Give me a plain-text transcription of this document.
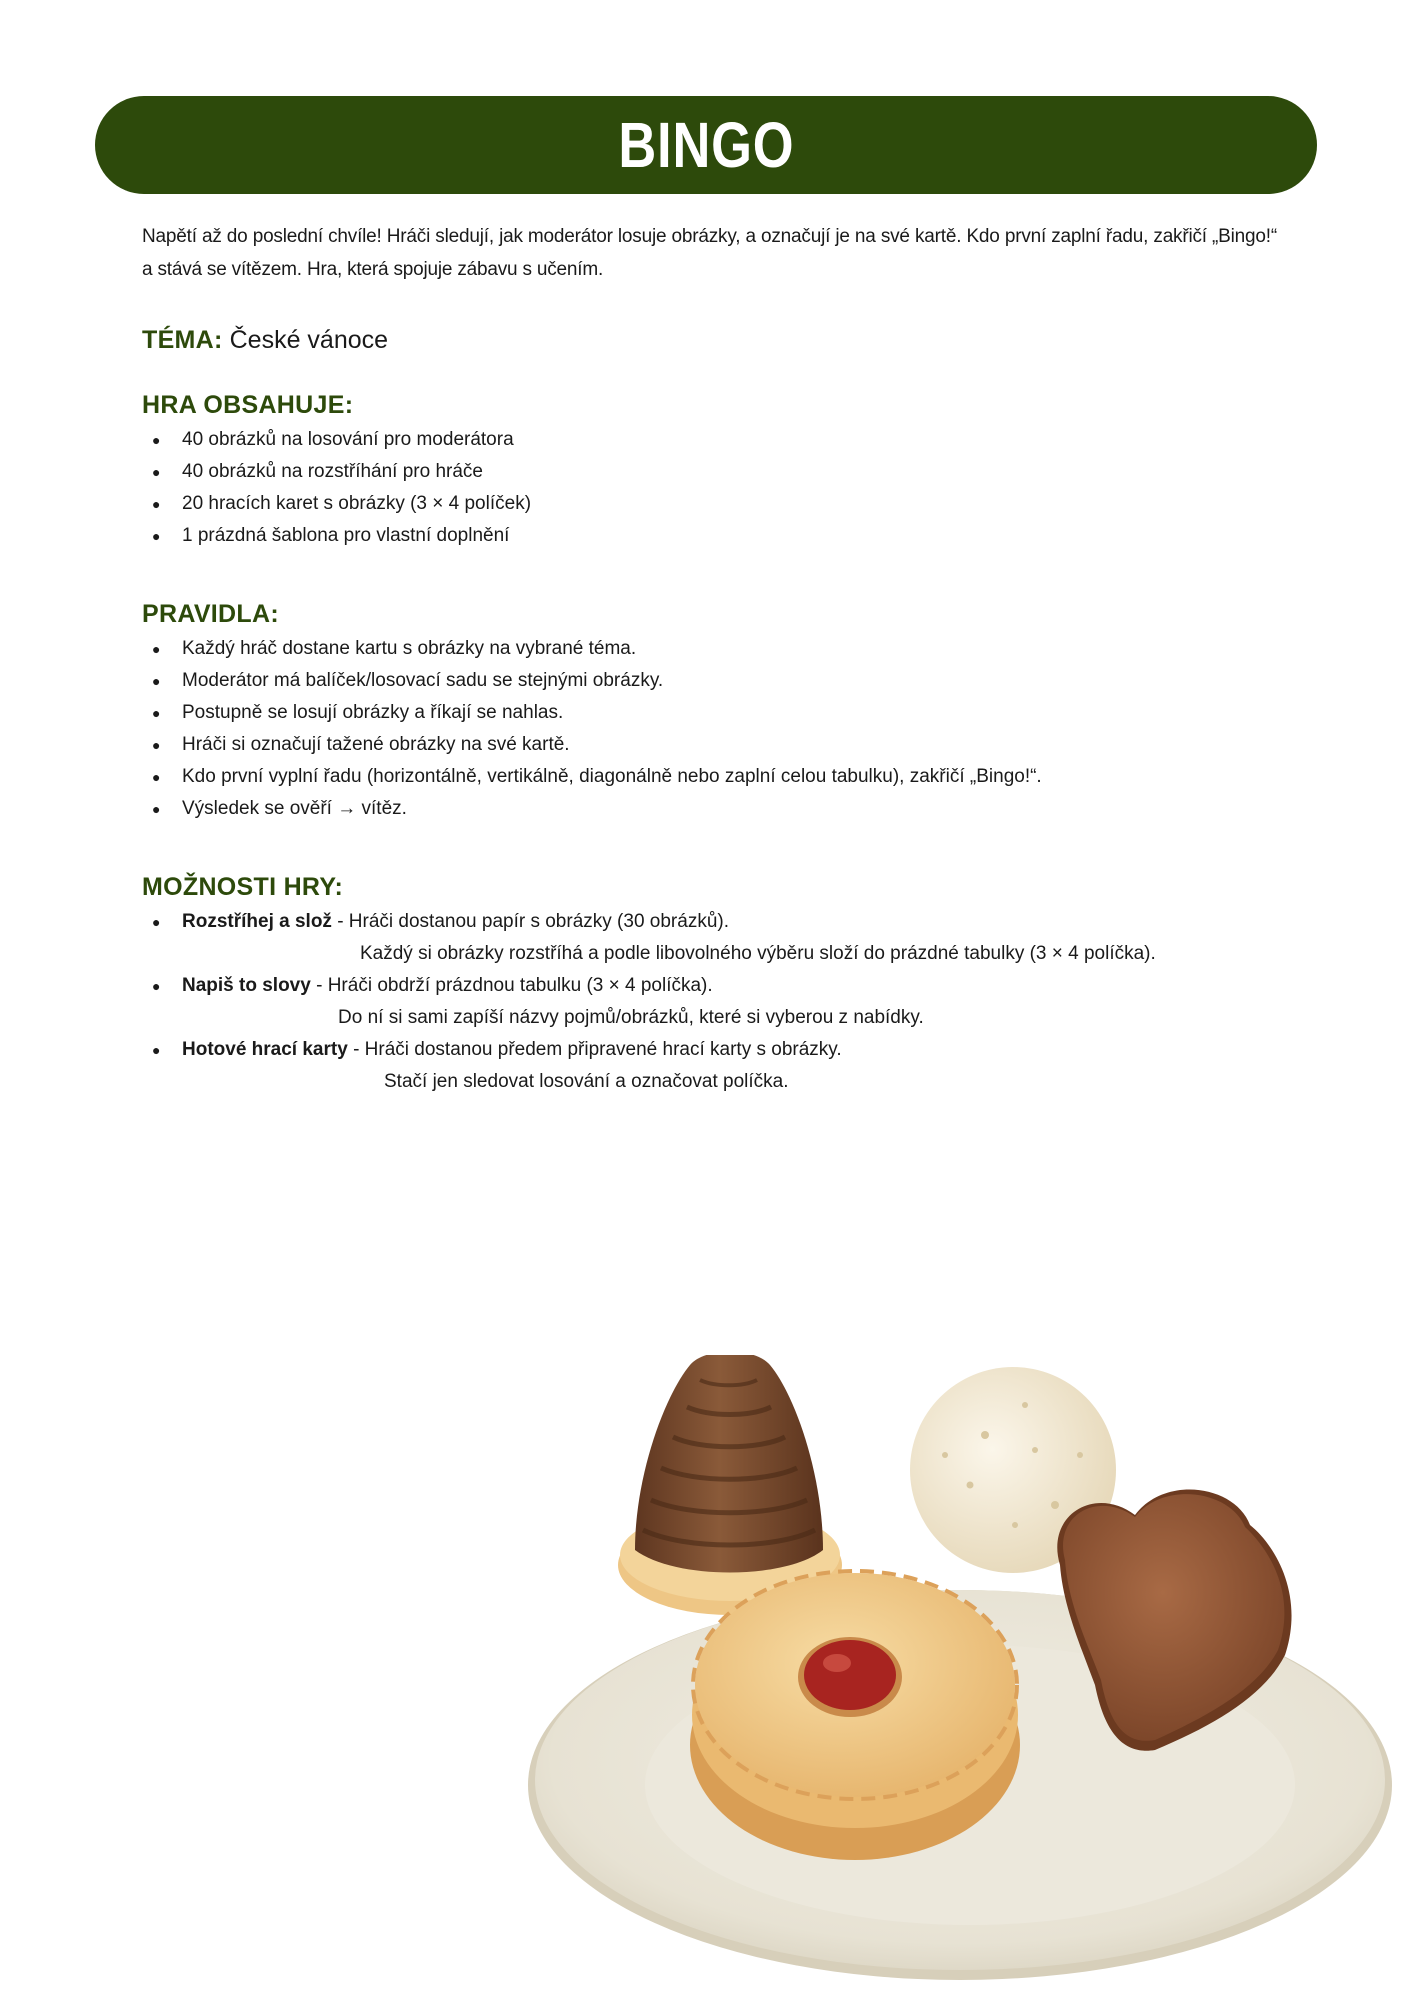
BINGO

Napětí až do poslední chvíle! Hráči sledují, jak moderátor losuje obrázky, a označují je na své kartě. Kdo první zaplní řadu, zakřičí „Bingo!“ a stává se vítězem. Hra, která spojuje zábavu s učením.

TÉMA: České vánoce
HRA OBSAHUJE:
● 40 obrázků na losování pro moderátora
● 40 obrázků na rozstříhání pro hráče
● 20 hracích karet s obrázky (3 × 4 políček)
● 1 prázdná šablona pro vlastní doplnění
PRAVIDLA:
● Každý hráč dostane kartu s obrázky na vybrané téma.
● Moderátor má balíček/losovací sadu se stejnými obrázky.
● Postupně se losují obrázky a říkají se nahlas.
● Hráči si označují tažené obrázky na své kartě.
● Kdo první vyplní řadu (horizontálně, vertikálně, diagonálně nebo zaplní celou tabulku), zakřičí „Bingo!“.
● Výsledek se ověří → vítěz.
MOŽNOSTI HRY:
● Rozstříhej a slož - Hráči dostanou papír s obrázky (30 obrázků).
Každý si obrázky rozstříhá a podle libovolného výběru složí do prázdné tabulky (3 × 4 políčka).
● Napiš to slovy - Hráči obdrží prázdnou tabulku (3 × 4 políčka).
Do ní si sami zapíší názvy pojmů/obrázků, které si vyberou z nabídky.
● Hotové hrací karty - Hráči dostanou předem připravené hrací karty s obrázky.
Stačí jen sledovat losování a označovat políčka.
